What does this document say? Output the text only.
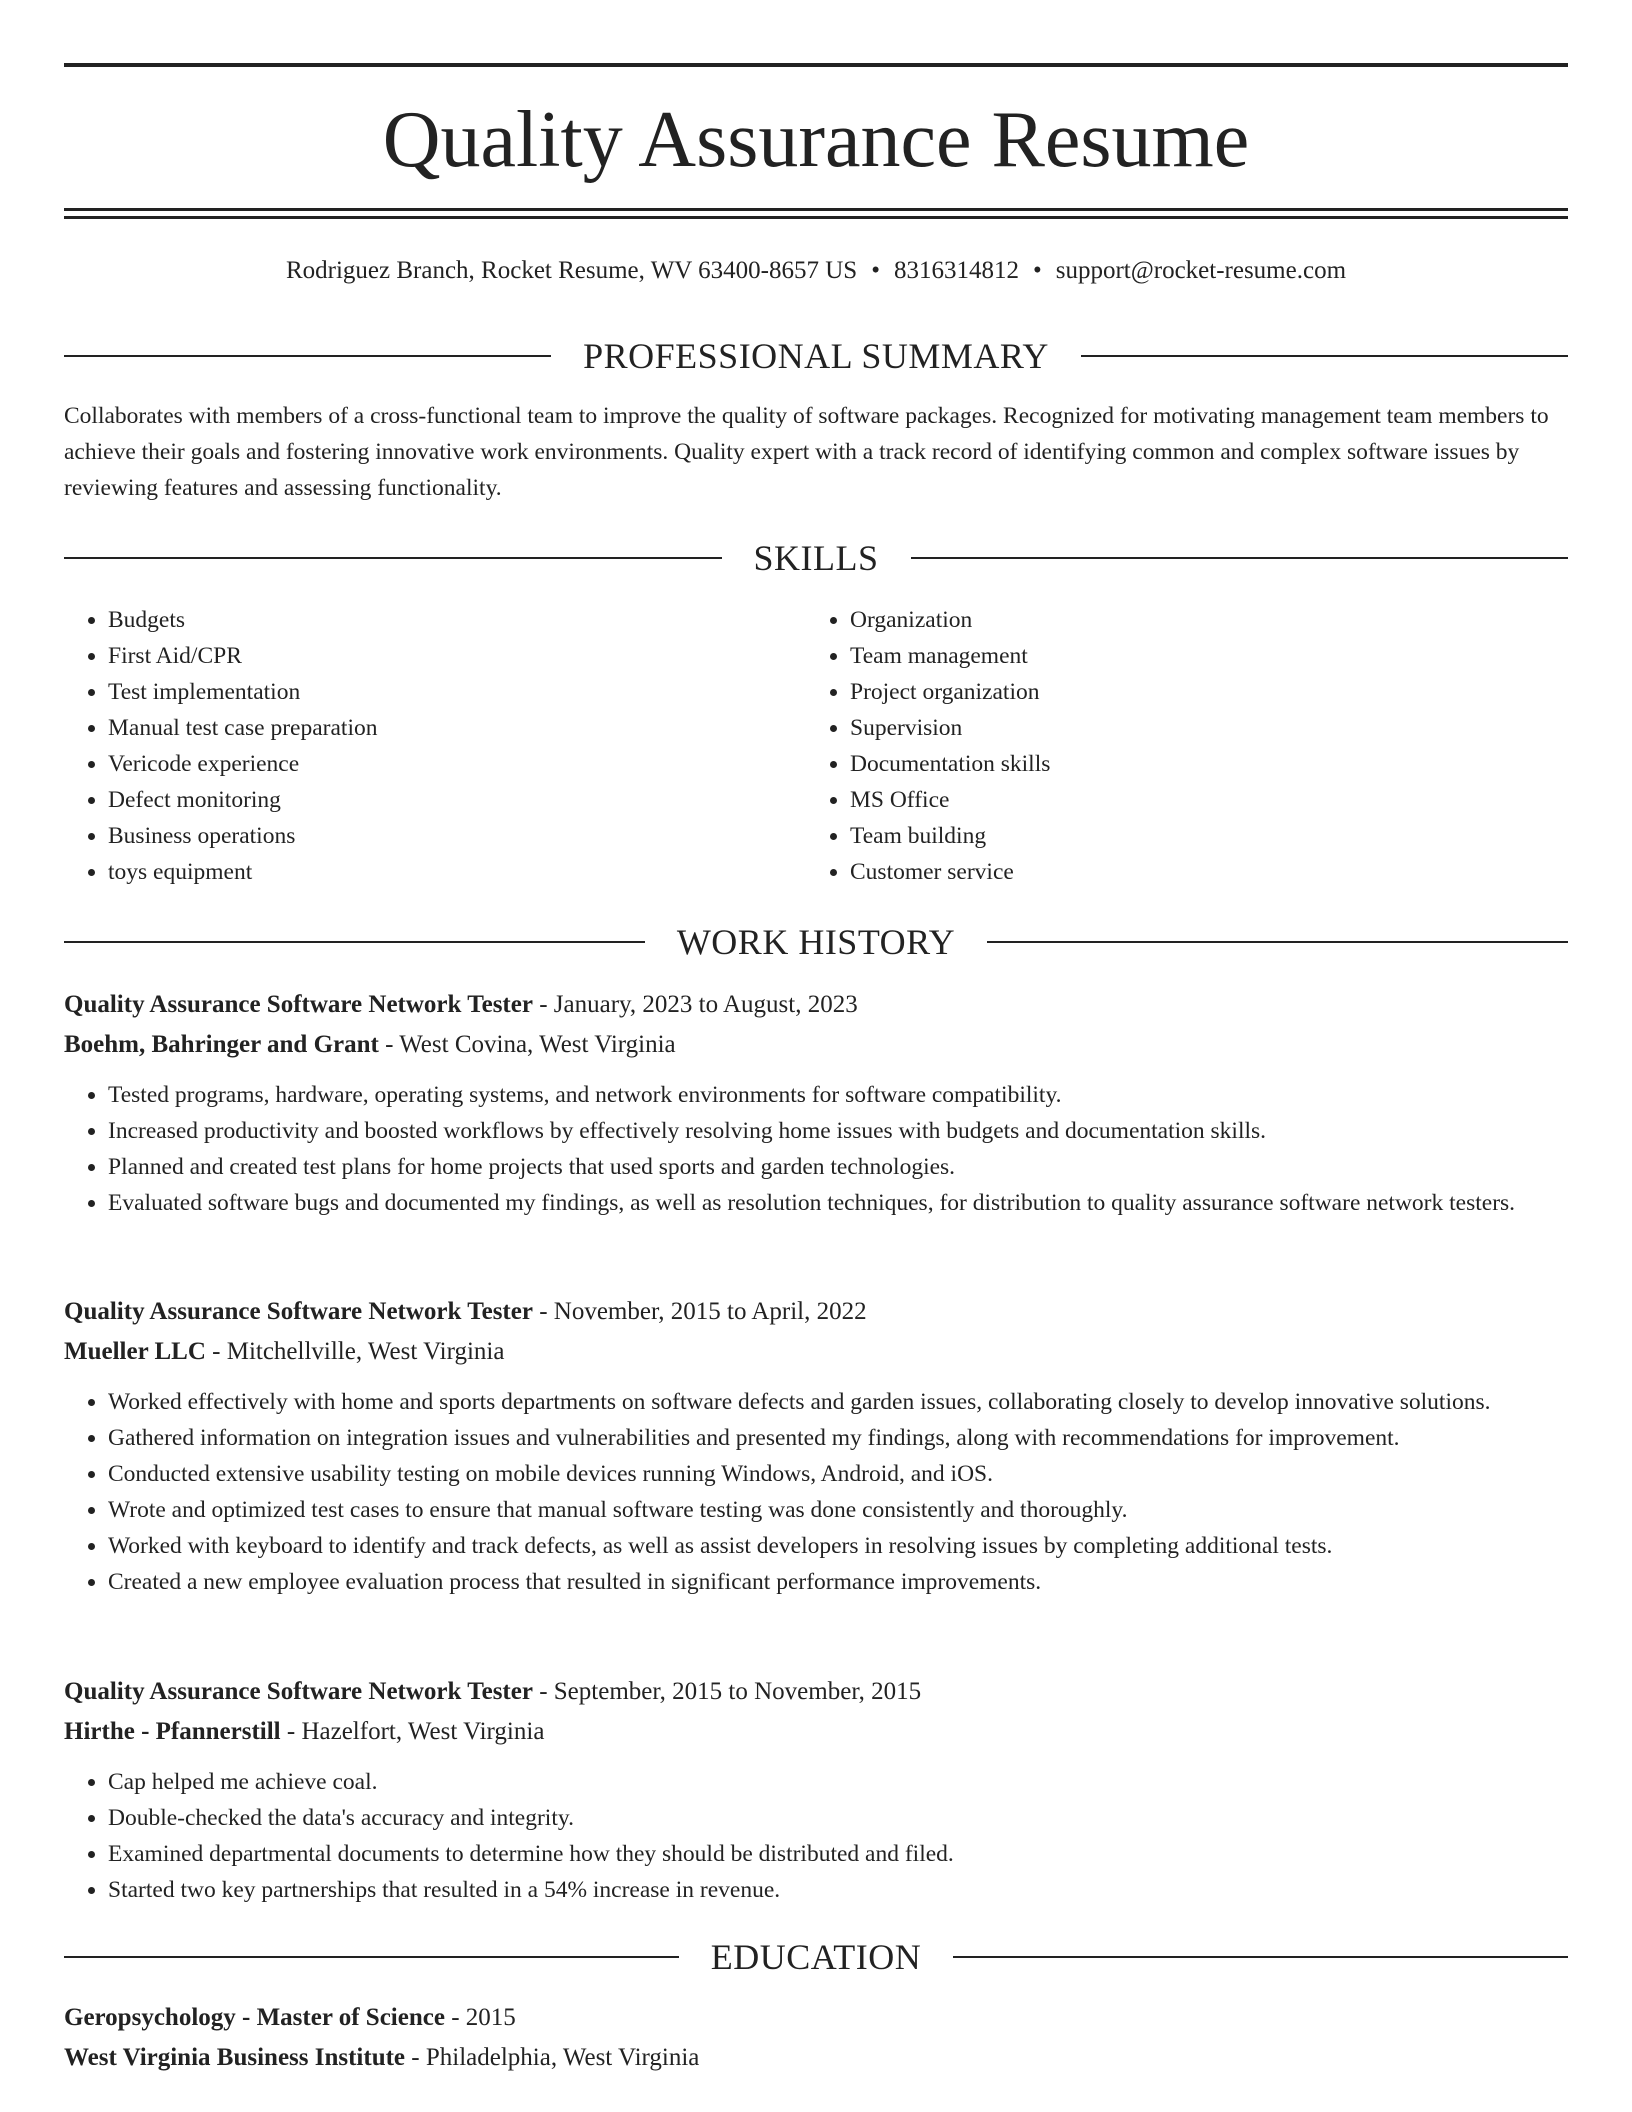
Quality Assurance Resume
Rodriguez Branch, Rocket Resume, WV 63400-8657 US • 8316314812 • support@rocket-resume.com
PROFESSIONAL SUMMARY

Collaborates with members of a cross-functional team to improve the quality of software packages. Recognized for motivating management team members to achieve their goals and fostering innovative work environments. Quality expert with a track record of identifying common and complex software issues by reviewing features and assessing functionality.

SKILLS
• Budgets
• First Aid/CPR
• Test implementation
• Manual test case preparation
• Vericode experience
• Defect monitoring
• Business operations
• toys equipment
• Organization
• Team management
• Project organization
• Supervision
• Documentation skills
• MS Office
• Team building
• Customer service
WORK HISTORY
Quality Assurance Software Network Tester - January, 2023 to August, 2023
Boehm, Bahringer and Grant - West Covina, West Virginia
• Tested programs, hardware, operating systems, and network environments for software compatibility.
• Increased productivity and boosted workflows by effectively resolving home issues with budgets and documentation skills.
• Planned and created test plans for home projects that used sports and garden technologies.
• Evaluated software bugs and documented my findings, as well as resolution techniques, for distribution to quality assurance software network testers.
Quality Assurance Software Network Tester - November, 2015 to April, 2022
Mueller LLC - Mitchellville, West Virginia
• Worked effectively with home and sports departments on software defects and garden issues, collaborating closely to develop innovative solutions.
• Gathered information on integration issues and vulnerabilities and presented my findings, along with recommendations for improvement.
• Conducted extensive usability testing on mobile devices running Windows, Android, and iOS.
• Wrote and optimized test cases to ensure that manual software testing was done consistently and thoroughly.
• Worked with keyboard to identify and track defects, as well as assist developers in resolving issues by completing additional tests.
• Created a new employee evaluation process that resulted in significant performance improvements.
Quality Assurance Software Network Tester - September, 2015 to November, 2015
Hirthe - Pfannerstill - Hazelfort, West Virginia
• Cap helped me achieve coal.
• Double-checked the data's accuracy and integrity.
• Examined departmental documents to determine how they should be distributed and filed.
• Started two key partnerships that resulted in a 54% increase in revenue.
EDUCATION
Geropsychology - Master of Science - 2015
West Virginia Business Institute - Philadelphia, West Virginia
